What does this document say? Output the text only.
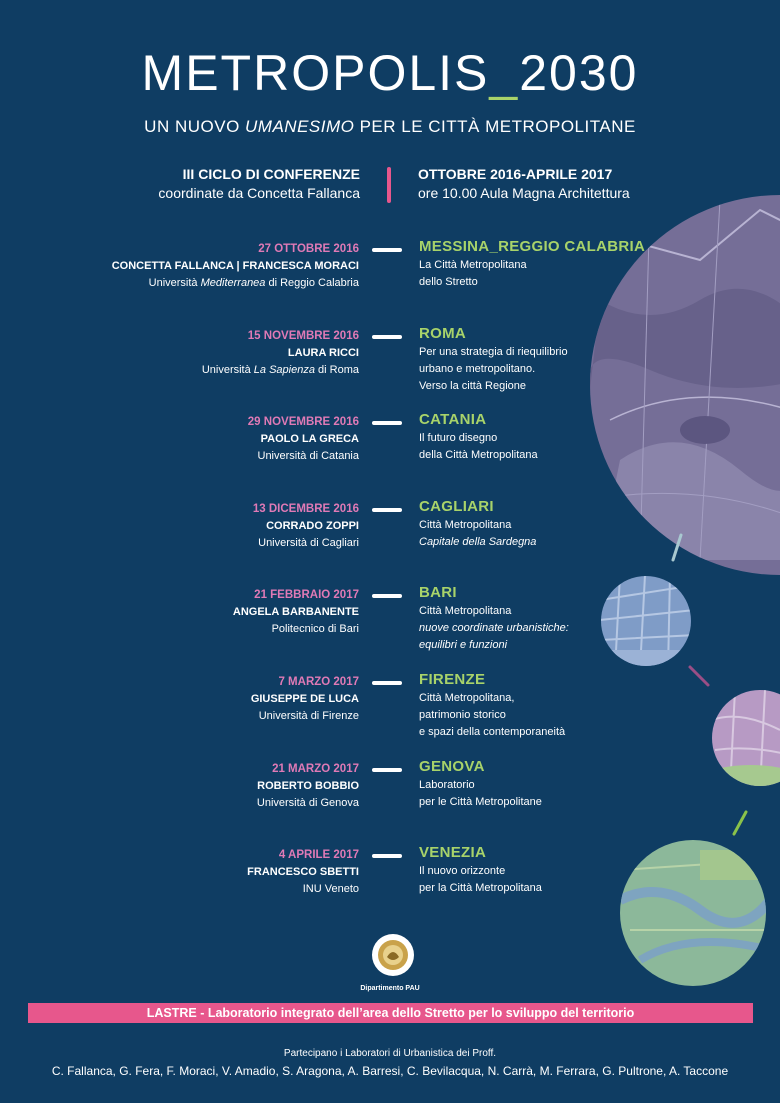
METROPOLIS_2030
UN NUOVO UMANESIMO PER LE CITTÀ METROPOLITANE
III CICLO DI CONFERENZE
coordinate da Concetta Fallanca
OTTOBRE 2016-APRILE 2017
ore 10.00 Aula Magna Architettura
27 OTTOBRE 2016
CONCETTA FALLANCA | FRANCESCA MORACI
Università Mediterranea di Reggio Calabria
MESSINA_REGGIO CALABRIA
La Città Metropolitana
dello Stretto
15 NOVEMBRE 2016
LAURA RICCI
Università La Sapienza di Roma
ROMA
Per una strategia di riequilibrio
urbano e metropolitano.
Verso la città Regione
29 NOVEMBRE 2016
PAOLO LA GRECA
Università di Catania
CATANIA
Il futuro disegno
della Città Metropolitana
13 DICEMBRE 2016
CORRADO ZOPPI
Università di Cagliari
CAGLIARI
Città Metropolitana
Capitale della Sardegna
21 FEBBRAIO 2017
ANGELA BARBANENTE
Politecnico di Bari
BARI
Città Metropolitana
nuove coordinate urbanistiche:
equilibri e funzioni
7 MARZO 2017
GIUSEPPE DE LUCA
Università di Firenze
FIRENZE
Città Metropolitana,
patrimonio storico
e spazi della contemporaneità
21 MARZO 2017
ROBERTO BOBBIO
Università di Genova
GENOVA
Laboratorio
per le Città Metropolitane
4 APRILE 2017
FRANCESCO SBETTI
INU Veneto
VENEZIA
Il nuovo orizzonte
per la Città Metropolitana
Dipartimento PAU
LASTRE - Laboratorio integrato dell’area dello Stretto per lo sviluppo del territorio
Partecipano i Laboratori di Urbanistica dei Proff.
C. Fallanca, G. Fera, F. Moraci, V. Amadio, S. Aragona, A. Barresi, C. Bevilacqua, N. Carrà, M. Ferrara, G. Pultrone, A. Taccone
